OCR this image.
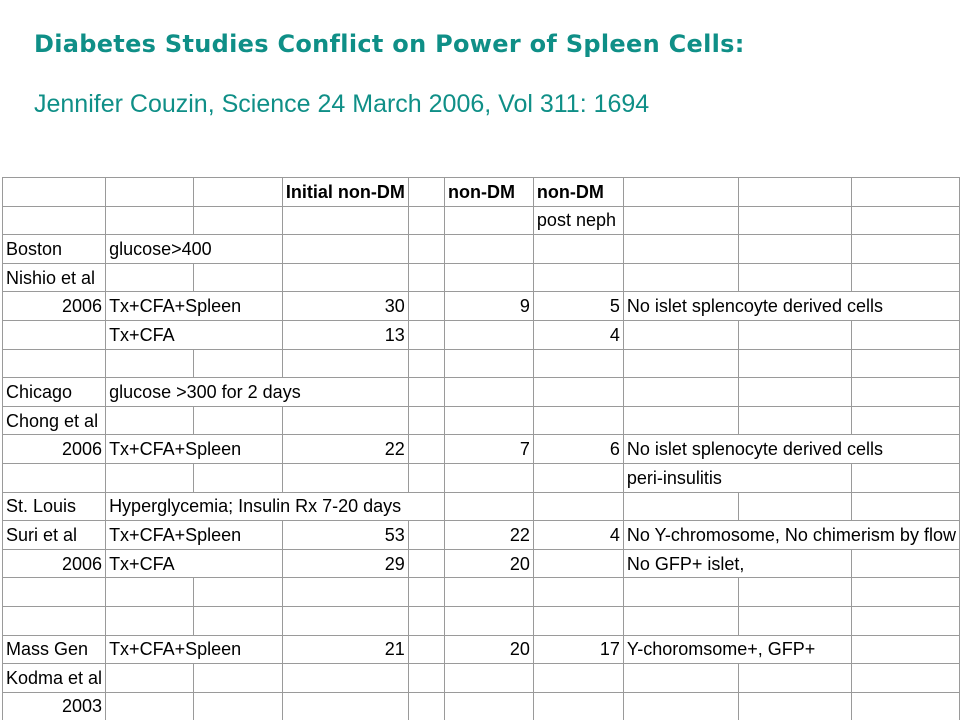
Diabetes Studies Conflict on Power of Spleen Cells:
Jennifer Couzin, Science 24 March 2006, Vol 311: 1694
			Initial non-DM		non-DM	non-DM			
						post neph			
Boston	glucose>400								
Nishio et al									
2006	Tx+CFA+Spleen		30		9	5	No islet splencoyte derived cells		
	Tx+CFA		13			4			

Chicago	glucose >300 for 2 days								
Chong et al									
2006	Tx+CFA+Spleen		22		7	6	No islet splenocyte derived cells		
							peri-insulitis		
St. Louis	Hyperglycemia; Insulin Rx 7-20 days								
Suri et al	Tx+CFA+Spleen		53		22	4	No Y-chromosome, No chimerism by flow		
2006	Tx+CFA		29		20		No GFP+ islet,		

Mass Gen	Tx+CFA+Spleen		21		20	17	Y-choromsome+, GFP+		
Kodma et al									
2003									
